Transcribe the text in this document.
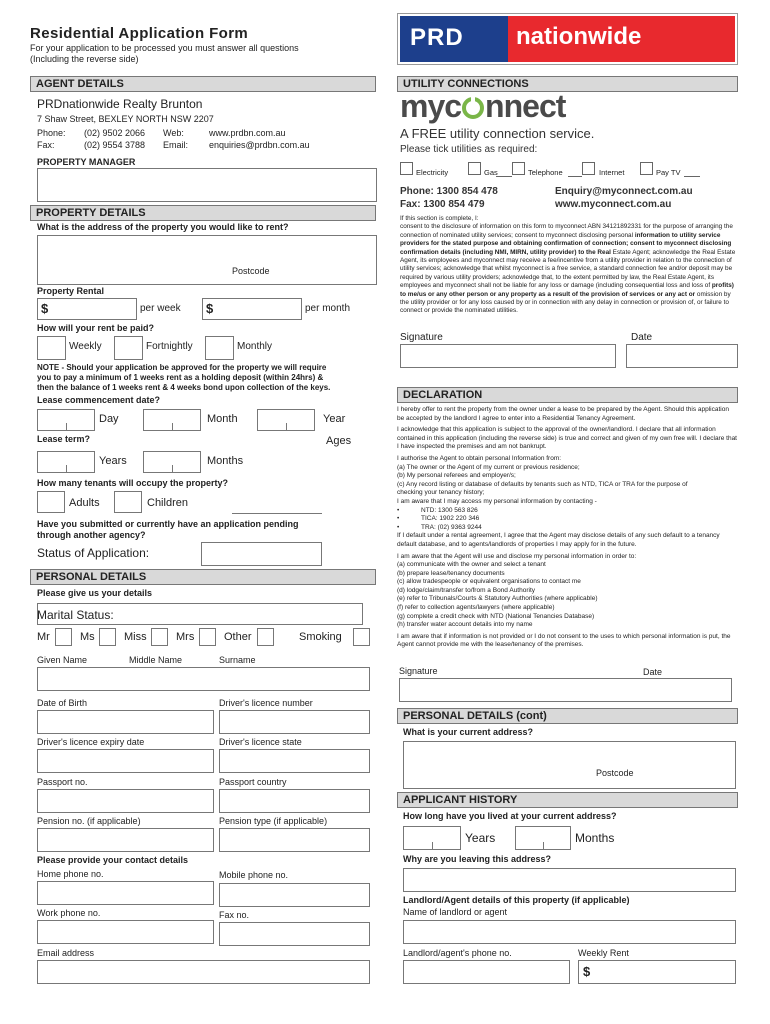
Residential Application Form
For your application to be processed you must answer all questions
(Including the reverse side)
PRD nationwide
AGENT DETAILS
PRDnationwide Realty Brunton
7 Shaw Street, BEXLEY NORTH NSW 2207
Phone: (02) 9502 2066 Web:	www.prdbn.com.au
Fax:	(02) 9554 3788 Email: enquiries@prdbn.com.au
PROPERTY MANAGER
PROPERTY DETAILS
What is the address of the property you would like to rent?
Postcode
Property Rental
$	per week $	per month
How will your rent be paid?
Weekly	Fortnightly	Monthly
NOTE - Should your application be approved for the property we will require
you to pay a minimum of 1 weeks rent as a holding deposit (within 24hrs) &
then the balance of 1 weeks rent & 4 weeks bond upon collection of the keys.
Lease commencement date?
Day	Month	Year
Lease term?	Ages
Years	Months
How many tenants will occupy the property?
Adults	Children
Have you submitted or currently have an application pending
through another agency?
Status of Application:
PERSONAL DETAILS
Please give us your details
Marital Status:
Mr	Ms	Miss	Mrs	Other	Smoking
Given Name	Middle Name	Surname
Date of Birth	Driver's licence number
Driver's licence expiry date	Driver's licence state
Passport no.	Passport country
Pension no. (if applicable)	Pension type (if applicable)
Please provide your contact details
Home phone no.	Mobile phone no.
Work phone no.	Fax no.
Email address
UTILITY CONNECTIONS
myc nnect
A FREE utility connection service.
Please tick utilities as required:
Electricity	Gas	Telephone	Internet	Pay TV
Phone: 1300 854 478
Fax: 1300 854 479
Enquiry@myconnect.com.au
www.myconnect.com.au
If this section is complete, I:
consent to the disclosure of information on this form to myconnect ABN 34121892331 for the purpose of arranging the connection of nominated utility services; consent to myconnect disclosing personal information to utility service providers for the stated purpose and obtaining confirmation of connection; consent to myconnect disclosing confirmation details (including NMI, MIRN, utility provider) to the Real Estate Agent; acknowledge the Real Estate Agent, its employees and myconnect may receive a fee/incentive from a utility provider in relation to the connection of utility services; acknowledge that whilst myconnect is a free service, a standard connection fee and/or deposit may be required by various utility providers; acknowledge that, to the extent permitted by law, the Real Estate Agent, its employees and myconnect shall not be liable for any loss or damage (including consequential loss and loss of profits) to me/us or any other person or any property as a result of the provision of services or any act or omission by the utility provider or for any loss caused by or in connection with any delay in connection or provision of, or failure to connect or provide the nominated utilities.
Signature	Date
DECLARATION
I hereby offer to rent the property from the owner under a lease to be prepared by the Agent. Should this application be accepted by the landlord I agree to enter into a Residential Tenancy Agreement.
I acknowledge that this application is subject to the approval of the owner/landlord. I declare that all information contained in this application (including the reverse side) is true and correct and given of my own free will. I declare that I have inspected the premises and am not bankrupt.
I authorise the Agent to obtain personal Information from:
(a) The owner or the Agent of my current or previous residence;
(b) My personal referees and employer/s;
(c) Any record listing or database of defaults by tenants such as NTD, TICA or TRA for the purpose of checking your tenancy history;
I am aware that I may access my personal information by contacting -
•	NTD: 1300 563 826
•	TICA: 1902 220 346
•	TRA: (02) 9363 9244
If I default under a rental agreement, I agree that the Agent may disclose details of any such default to a tenancy default database, and to agents/landlords of properties I may apply for in the future.
I am aware that the Agent will use and disclose my personal information in order to:
(a) communicate with the owner and select a tenant
(b) prepare lease/tenancy documents
(c) allow tradespeople or equivalent organisations to contact me
(d) lodge/claim/transfer to/from a Bond Authority
(e) refer to Tribunals/Courts & Statutory Authorities (where applicable)
(f) refer to collection agents/lawyers (where applicable)
(g) complete a credit check with NTD (National Tenancies Database)
(h) transfer water account details into my name
I am aware that if information is not provided or I do not consent to the uses to which personal information is put, the Agent cannot provide me with the lease/tenancy of the premises.
Signature	Date
PERSONAL DETAILS (cont)
What is your current address?
Postcode
APPLICANT HISTORY
How long have you lived at your current address?
Years	Months
Why are you leaving this address?
Landlord/Agent details of this property (if applicable)
Name of landlord or agent
Landlord/agent's phone no.	Weekly Rent
$
